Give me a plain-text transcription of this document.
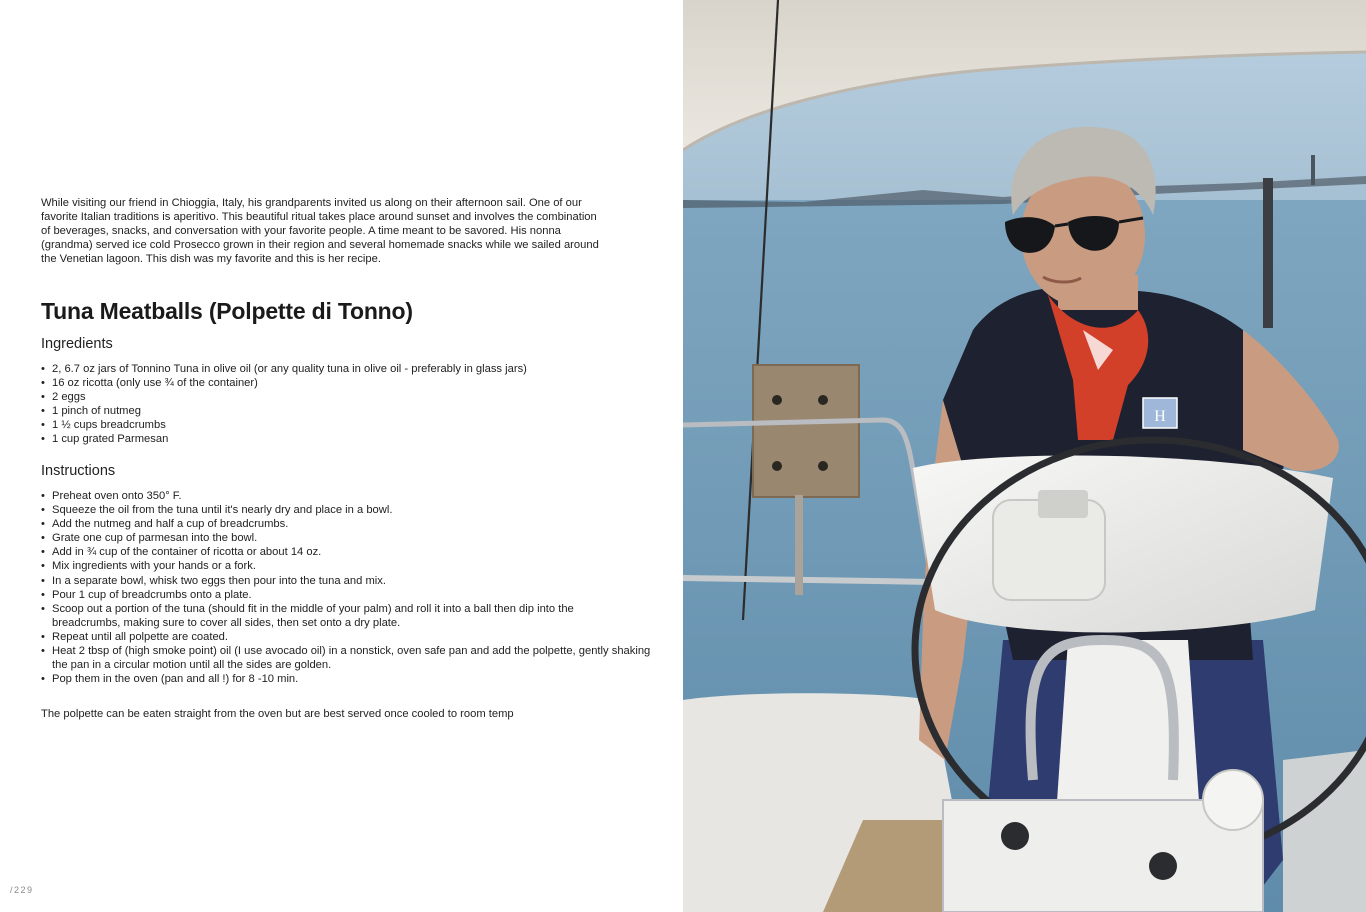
While visiting our friend in Chioggia, Italy, his grandparents invited us along on their afternoon sail. One of our favorite Italian traditions is aperitivo. This beautiful ritual takes place around sunset and involves the combination of beverages, snacks, and conversation with your favorite people. A time meant to be savored. His nonna (grandma) served ice cold Prosecco grown in their region and several homemade snacks while we sailed around the Venetian lagoon. This dish was my favorite and this is her recipe.

Tuna Meatballs (Polpette di Tonno)
Ingredients
• 2, 6.7 oz jars of Tonnino Tuna in olive oil (or any quality tuna in olive oil - preferably in glass jars)
• 16 oz ricotta (only use ¾ of the container)
• 2 eggs
• 1 pinch of nutmeg
• 1 ½ cups breadcrumbs
• 1 cup grated Parmesan
Instructions
• Preheat oven onto 350° F.
• Squeeze the oil from the tuna until it's nearly dry and place in a bowl.
• Add the nutmeg and half a cup of breadcrumbs.
• Grate one cup of parmesan into the bowl.
• Add in ¾ cup of the container of ricotta or about 14 oz.
• Mix ingredients with your hands or a fork.
• In a separate bowl, whisk two eggs then pour into the tuna and mix.
• Pour 1 cup of breadcrumbs onto a plate.
• Scoop out a portion of the tuna (should fit in the middle of your palm) and roll it into a ball then dip into the breadcrumbs, making sure to cover all sides, then set onto a dry plate.
• Repeat until all polpette are coated.
• Heat 2 tbsp of (high smoke point) oil (I use avocado oil) in a nonstick, oven safe pan and add the polpette, gently shaking the pan in a circular motion until all the sides are golden.
• Pop them in the oven (pan and all !) for 8 -10 min.

The polpette can be eaten straight from the oven but are best served once cooled to room temp

/229
H
